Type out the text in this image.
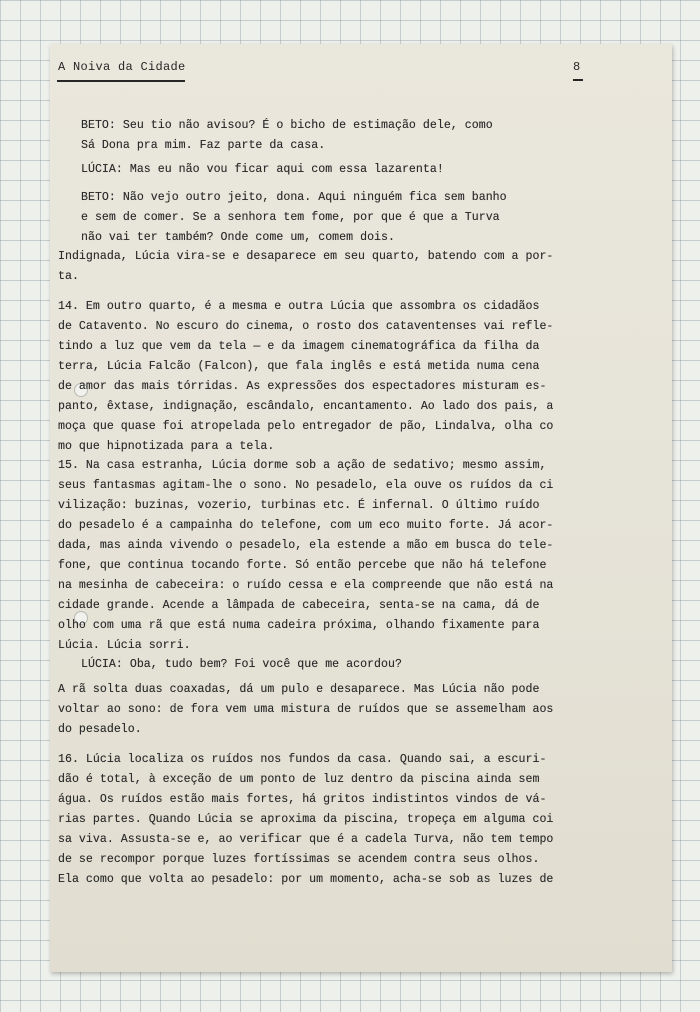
A Noiva da Cidade	8
BETO: Seu tio não avisou? É o bicho de estimação dele, como
Sá Dona pra mim. Faz parte da casa.
LÚCIA: Mas eu não vou ficar aqui com essa lazarenta!
BETO: Não vejo outro jeito, dona. Aqui ninguém fica sem banho
e sem de comer. Se a senhora tem fome, por que é que a Turva
não vai ter também? Onde come um, comem dois.
Indignada, Lúcia vira-se e desaparece em seu quarto, batendo com a por-
ta.
14. Em outro quarto, é a mesma e outra Lúcia que assombra os cidadãos
de Catavento. No escuro do cinema, o rosto dos cataventenses vai refle-
tindo a luz que vem da tela — e da imagem cinematográfica da filha da
terra, Lúcia Falcão (Falcon), que fala inglês e está metida numa cena
de amor das mais tórridas. As expressões dos espectadores misturam es-
panto, êxtase, indignação, escândalo, encantamento. Ao lado dos pais, a
moça que quase foi atropelada pelo entregador de pão, Lindalva, olha co
mo que hipnotizada para a tela.
15. Na casa estranha, Lúcia dorme sob a ação de sedativo; mesmo assim,
seus fantasmas agitam-lhe o sono. No pesadelo, ela ouve os ruídos da ci
vilização: buzinas, vozerio, turbinas etc. É infernal. O último ruído
do pesadelo é a campainha do telefone, com um eco muito forte. Já acor-
dada, mas ainda vivendo o pesadelo, ela estende a mão em busca do tele-
fone, que continua tocando forte. Só então percebe que não há telefone
na mesinha de cabeceira: o ruído cessa e ela compreende que não está na
cidade grande. Acende a lâmpada de cabeceira, senta-se na cama, dá de
olho com uma rã que está numa cadeira próxima, olhando fixamente para
Lúcia. Lúcia sorri.
LÚCIA: Oba, tudo bem? Foi você que me acordou?
A rã solta duas coaxadas, dá um pulo e desaparece. Mas Lúcia não pode
voltar ao sono: de fora vem uma mistura de ruídos que se assemelham aos
do pesadelo.
16. Lúcia localiza os ruídos nos fundos da casa. Quando sai, a escuri-
dão é total, à exceção de um ponto de luz dentro da piscina ainda sem
água. Os ruídos estão mais fortes, há gritos indistintos vindos de vá-
rias partes. Quando Lúcia se aproxima da piscina, tropeça em alguma coi
sa viva. Assusta-se e, ao verificar que é a cadela Turva, não tem tempo
de se recompor porque luzes fortíssimas se acendem contra seus olhos.
Ela como que volta ao pesadelo: por um momento, acha-se sob as luzes de
